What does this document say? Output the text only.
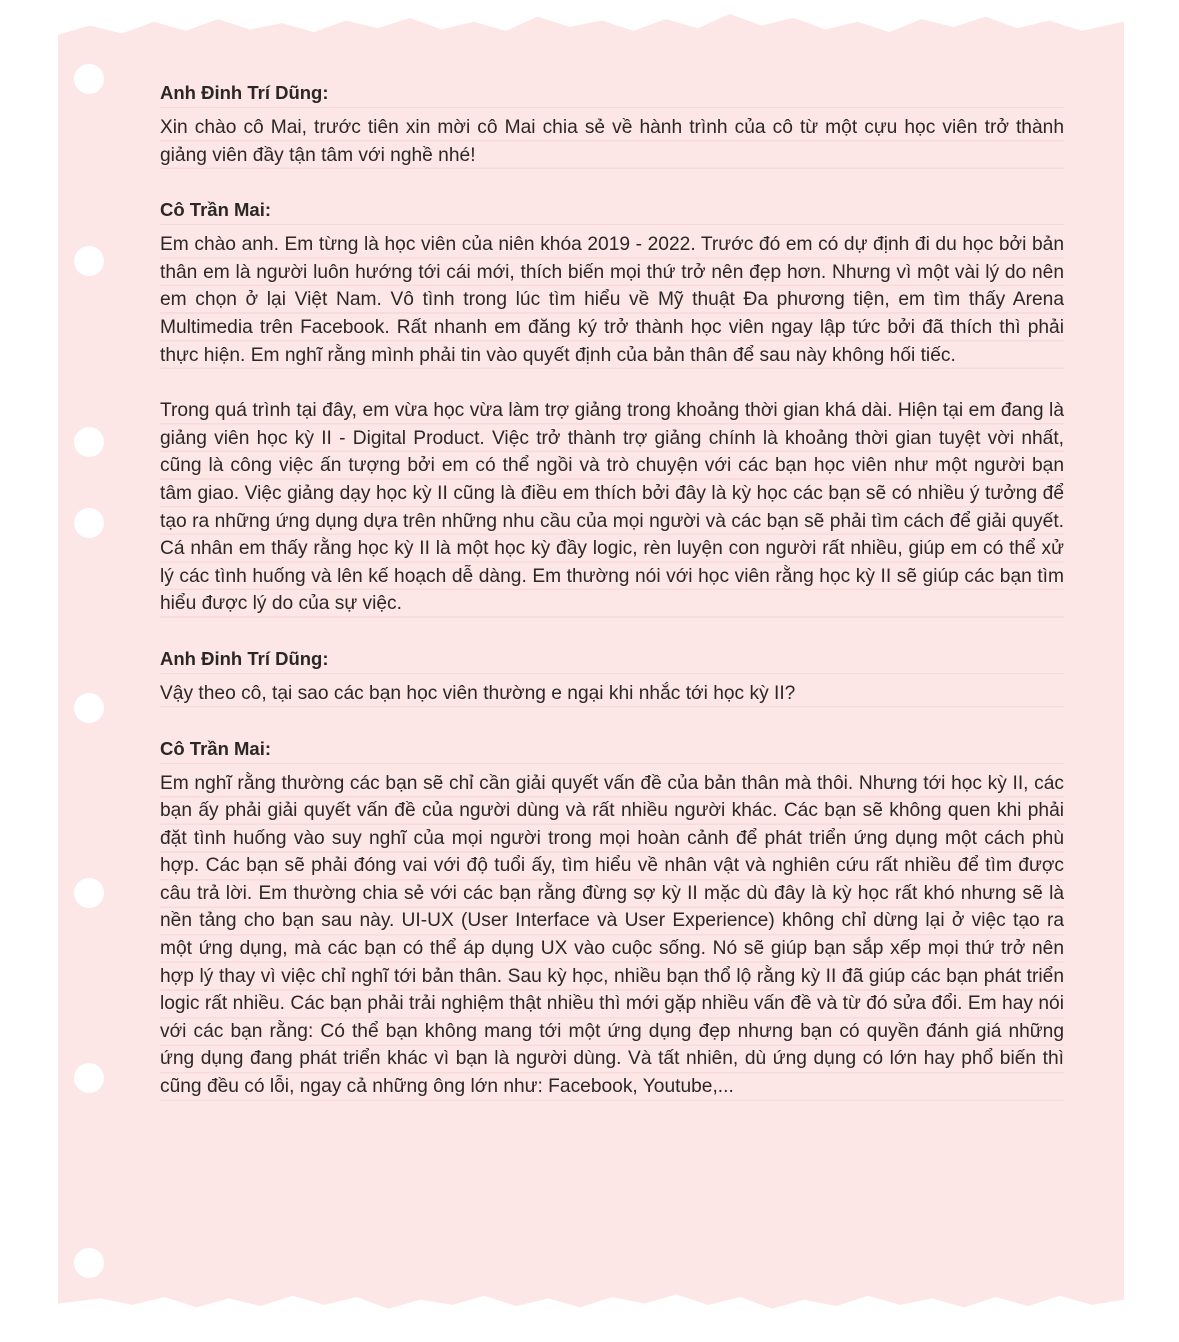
Anh Đinh Trí Dũng:

Xin chào cô Mai, trước tiên xin mời cô Mai chia sẻ về hành trình của cô từ một cựu học viên trở thành giảng viên đầy tận tâm với nghề nhé!

Cô Trần Mai:

Em chào anh. Em từng là học viên của niên khóa 2019 - 2022. Trước đó em có dự định đi du học bởi bản thân em là người luôn hướng tới cái mới, thích biến mọi thứ trở nên đẹp hơn. Nhưng vì một vài lý do nên em chọn ở lại Việt Nam. Vô tình trong lúc tìm hiểu về Mỹ thuật Đa phương tiện, em tìm thấy Arena Multimedia trên Facebook. Rất nhanh em đăng ký trở thành học viên ngay lập tức bởi đã thích thì phải thực hiện. Em nghĩ rằng mình phải tin vào quyết định của bản thân để sau này không hối tiếc.

Trong quá trình tại đây, em vừa học vừa làm trợ giảng trong khoảng thời gian khá dài. Hiện tại em đang là giảng viên học kỳ II - Digital Product. Việc trở thành trợ giảng chính là khoảng thời gian tuyệt vời nhất, cũng là công việc ấn tượng bởi em có thể ngồi và trò chuyện với các bạn học viên như một người bạn tâm giao. Việc giảng dạy học kỳ II cũng là điều em thích bởi đây là kỳ học các bạn sẽ có nhiều ý tưởng để tạo ra những ứng dụng dựa trên những nhu cầu của mọi người và các bạn sẽ phải tìm cách để giải quyết. Cá nhân em thấy rằng học kỳ II là một học kỳ đầy logic, rèn luyện con người rất nhiều, giúp em có thể xử lý các tình huống và lên kế hoạch dễ dàng. Em thường nói với học viên rằng học kỳ II sẽ giúp các bạn tìm hiểu được lý do của sự việc.

Anh Đinh Trí Dũng:

Vậy theo cô, tại sao các bạn học viên thường e ngại khi nhắc tới học kỳ II?

Cô Trần Mai:

Em nghĩ rằng thường các bạn sẽ chỉ cần giải quyết vấn đề của bản thân mà thôi. Nhưng tới học kỳ II, các bạn ấy phải giải quyết vấn đề của người dùng và rất nhiều người khác. Các bạn sẽ không quen khi phải đặt tình huống vào suy nghĩ của mọi người trong mọi hoàn cảnh để phát triển ứng dụng một cách phù hợp. Các bạn sẽ phải đóng vai với độ tuổi ấy, tìm hiểu về nhân vật và nghiên cứu rất nhiều để tìm được câu trả lời. Em thường chia sẻ với các bạn rằng đừng sợ kỳ II mặc dù đây là kỳ học rất khó nhưng sẽ là nền tảng cho bạn sau này. UI-UX (User Interface và User Experience) không chỉ dừng lại ở việc tạo ra một ứng dụng, mà các bạn có thể áp dụng UX vào cuộc sống. Nó sẽ giúp bạn sắp xếp mọi thứ trở nên hợp lý thay vì việc chỉ nghĩ tới bản thân. Sau kỳ học, nhiều bạn thổ lộ rằng kỳ II đã giúp các bạn phát triển logic rất nhiều. Các bạn phải trải nghiệm thật nhiều thì mới gặp nhiều vấn đề và từ đó sửa đổi. Em hay nói với các bạn rằng: Có thể bạn không mang tới một ứng dụng đẹp nhưng bạn có quyền đánh giá những ứng dụng đang phát triển khác vì bạn là người dùng. Và tất nhiên, dù ứng dụng có lớn hay phổ biến thì cũng đều có lỗi, ngay cả những ông lớn như: Facebook, Youtube,...
